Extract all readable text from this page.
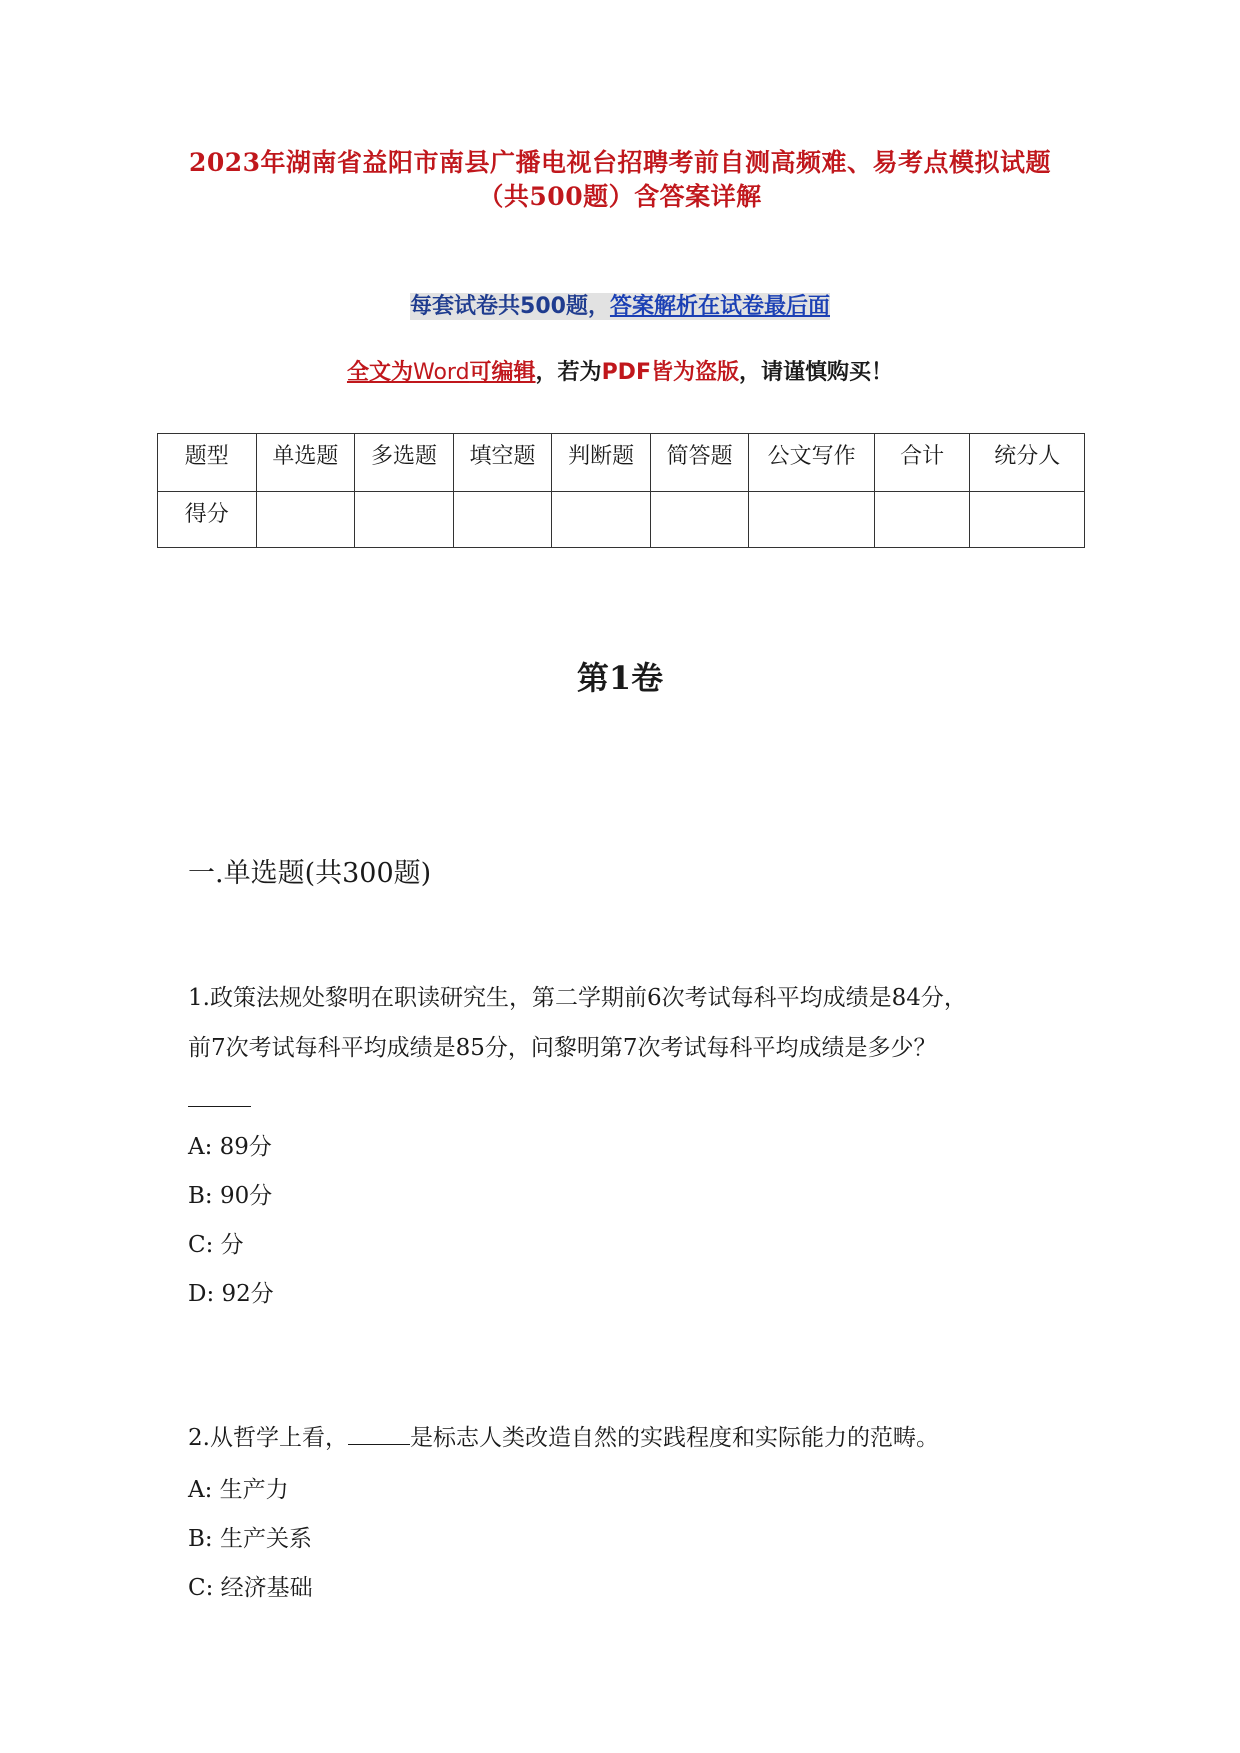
2023年湖南省益阳市南县广播电视台招聘考前自测高频难、易考点模拟试题
（共500题）含答案详解
每套试卷共500题，答案解析在试卷最后面
全文为Word可编辑，若为PDF皆为盗版，请谨慎购买！
题型	单选题	多选题	填空题	判断题	简答题	公文写作	合计	统分人
得分								
第1卷
一.单选题(共300题)
1.政策法规处黎明在职读研究生，第二学期前6次考试每科平均成绩是84分，
前7次考试每科平均成绩是85分，问黎明第7次考试每科平均成绩是多少？
A: 89分
B: 90分
C: 分
D: 92分
2.从哲学上看，	是标志人类改造自然的实践程度和实际能力的范畴。
A: 生产力
B: 生产关系
C: 经济基础
